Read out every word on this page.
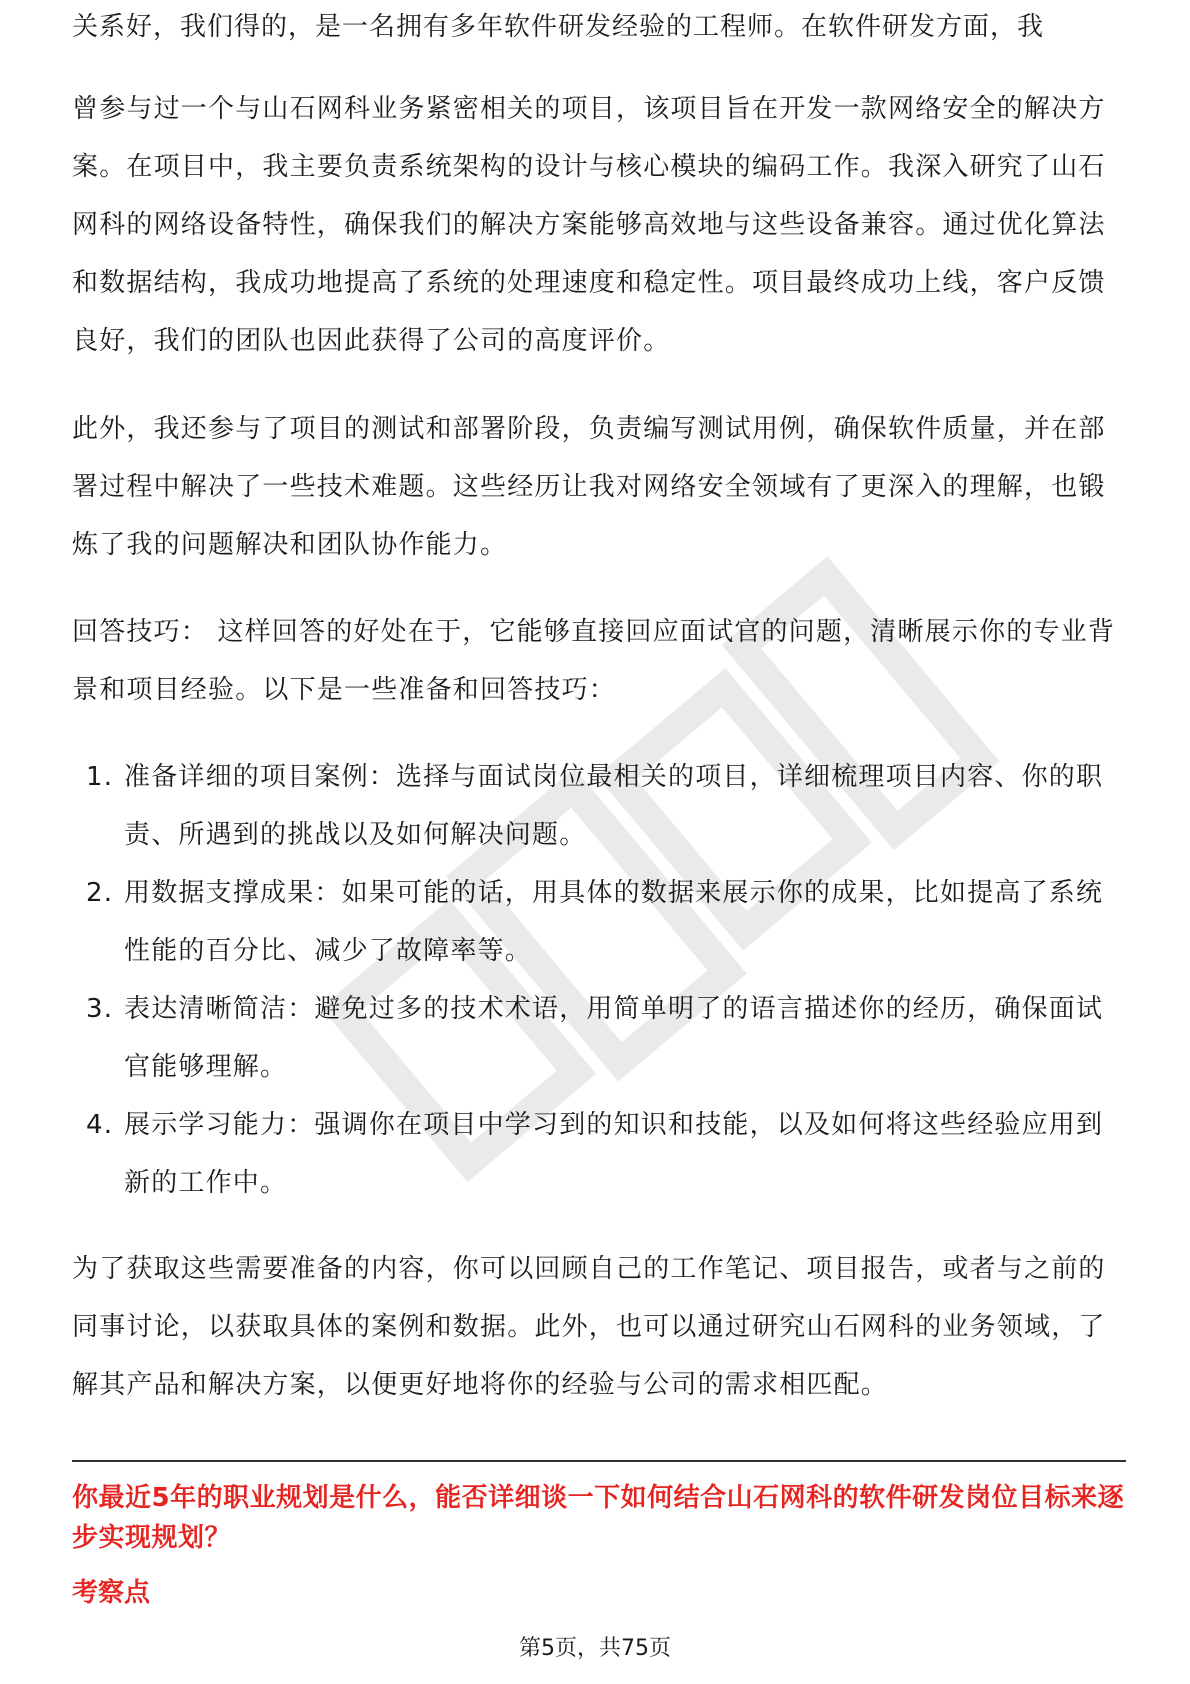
关系好，我们得的，是一名拥有多年软件研发经验的工程师。在软件研发方面，我

曾参与过一个与山石网科业务紧密相关的项目，该项目旨在开发一款网络安全的解决方案。在项目中，我主要负责系统架构的设计与核心模块的编码工作。我深入研究了山石网科的网络设备特性，确保我们的解决方案能够高效地与这些设备兼容。通过优化算法和数据结构，我成功地提高了系统的处理速度和稳定性。项目最终成功上线，客户反馈良好，我们的团队也因此获得了公司的高度评价。

此外，我还参与了项目的测试和部署阶段，负责编写测试用例，确保软件质量，并在部署过程中解决了一些技术难题。这些经历让我对网络安全领域有了更深入的理解，也锻炼了我的问题解决和团队协作能力。

回答技巧： 这样回答的好处在于，它能够直接回应面试官的问题，清晰展示你的专业背景和项目经验。以下是一些准备和回答技巧：

1. 准备详细的项目案例：选择与面试岗位最相关的项目，详细梳理项目内容、你的职责、所遇到的挑战以及如何解决问题。
2. 用数据支撑成果：如果可能的话，用具体的数据来展示你的成果，比如提高了系统性能的百分比、减少了故障率等。
3. 表达清晰简洁：避免过多的技术术语，用简单明了的语言描述你的经历，确保面试官能够理解。
4. 展示学习能力：强调你在项目中学习到的知识和技能，以及如何将这些经验应用到新的工作中。

为了获取这些需要准备的内容，你可以回顾自己的工作笔记、项目报告，或者与之前的同事讨论，以获取具体的案例和数据。此外，也可以通过研究山石网科的业务领域，了解其产品和解决方案，以便更好地将你的经验与公司的需求相匹配。

你最近5年的职业规划是什么，能否详细谈一下如何结合山石网科的软件研发岗位目标来逐步实现规划？

考察点

第5页，共75页
